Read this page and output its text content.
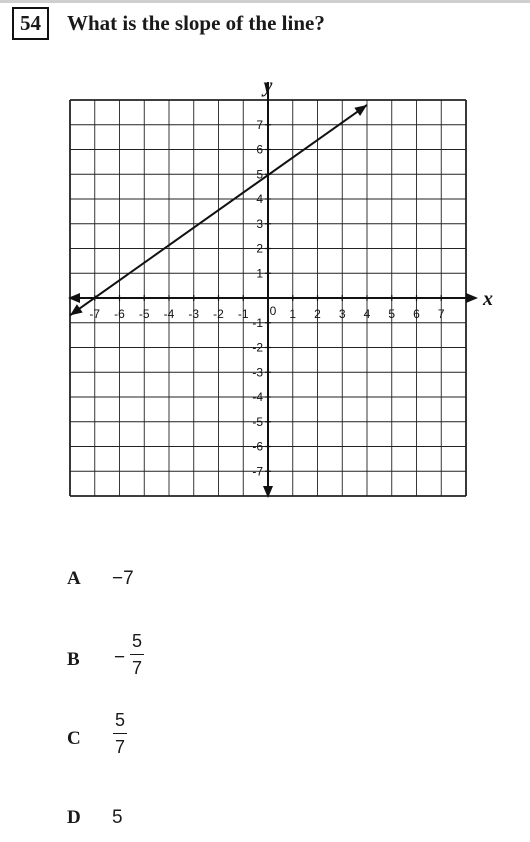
54	What is the slope of the line?
x
y
-7 -6 -5 -4 -3 -2 -1	1 2 3 4 5 6 7
7
6
5
4
3
2
1
-1
-2
-3
-4
-5
-6
-7
0
A −7
B −
5
7
C
5
7
D 5
